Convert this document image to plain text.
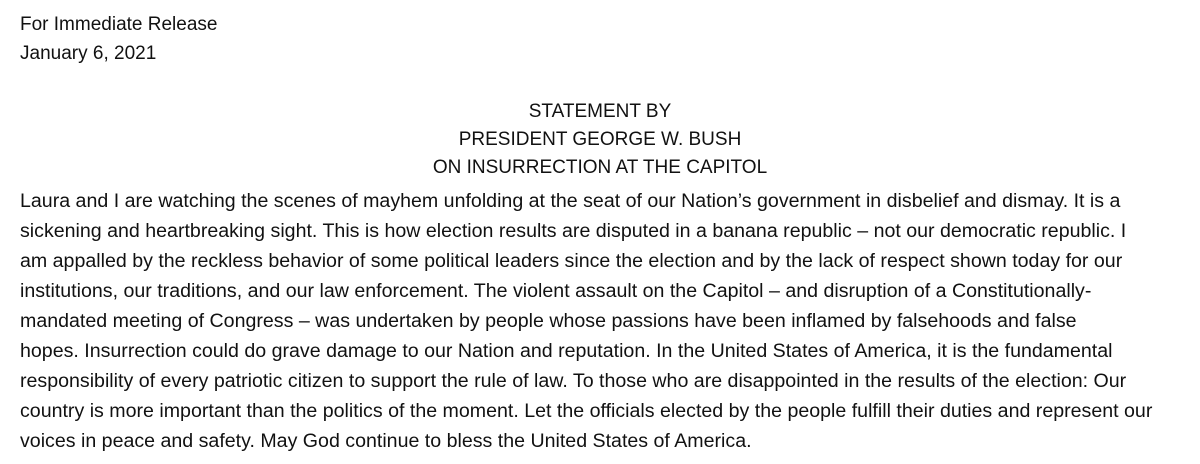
For Immediate Release
January 6, 2021
STATEMENT BY
PRESIDENT GEORGE W. BUSH
ON INSURRECTION AT THE CAPITOL
Laura and I are watching the scenes of mayhem unfolding at the seat of our Nation’s government in disbelief and dismay. It is a
sickening and heartbreaking sight. This is how election results are disputed in a banana republic – not our democratic republic. I
am appalled by the reckless behavior of some political leaders since the election and by the lack of respect shown today for our
institutions, our traditions, and our law enforcement. The violent assault on the Capitol – and disruption of a Constitutionally-
mandated meeting of Congress – was undertaken by people whose passions have been inflamed by falsehoods and false
hopes. Insurrection could do grave damage to our Nation and reputation. In the United States of America, it is the fundamental
responsibility of every patriotic citizen to support the rule of law. To those who are disappointed in the results of the election: Our
country is more important than the politics of the moment. Let the officials elected by the people fulfill their duties and represent our
voices in peace and safety. May God continue to bless the United States of America.
